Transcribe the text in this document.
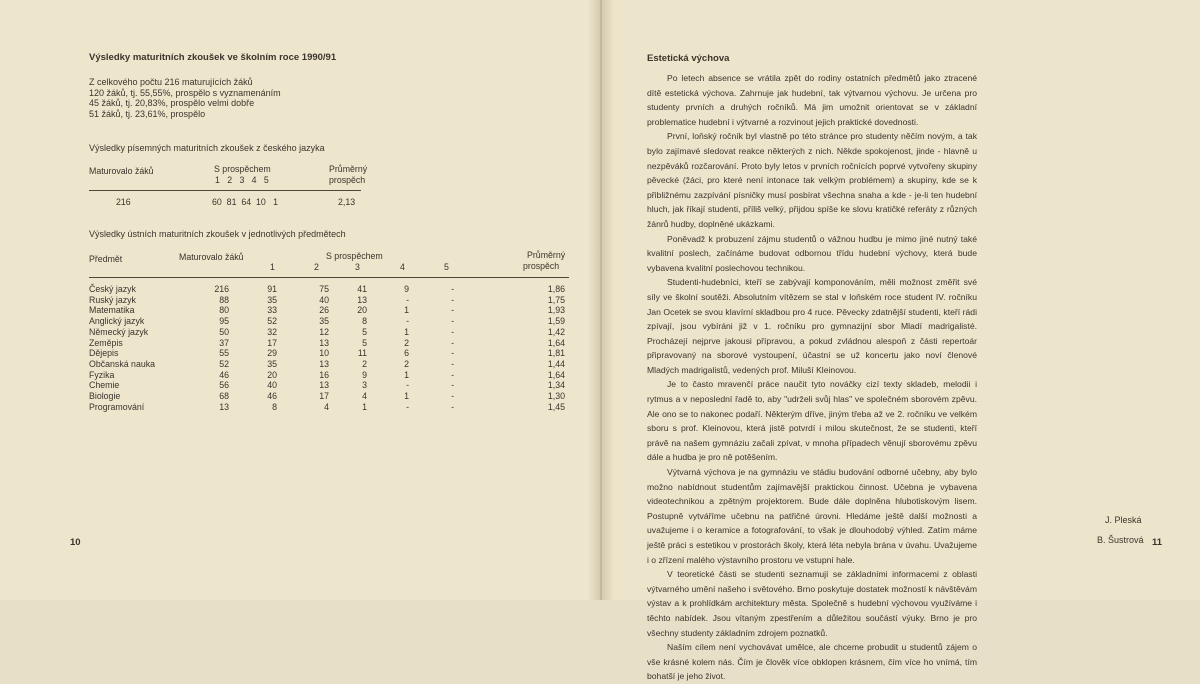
Výsledky maturitních zkoušek ve školním roce 1990/91
Z celkového počtu 216 maturujících žáků
120 žáků, tj. 55,55%, prospělo s vyznamenáním
45 žáků, tj. 20,83%, prospělo velmi dobře
51 žáků, tj. 23,61%, prospělo
Výsledky písemných maturitních zkoušek z českého jazyka
Maturovalo žáků	S prospěchem
1   2   3   4   5
Průměrný
prospěch
216	60  81  64  10   1	2,13
Výsledky ústních maturitních zkoušek v jednotlivých předmětech
Předmět	Maturovalo žáků	S prospěchem	Průměrný
prospěch
1	2	3	4	5
Český jazyk	216	91	75	41	9	-	1,86
Ruský jazyk	88	35	40	13	-	-	1,75
Matematika	80	33	26	20	1	-	1,93
Anglický jazyk	95	52	35	8	-	-	1,59
Německý jazyk	50	32	12	5	1	-	1,42
Zeměpis	37	17	13	5	2	-	1,64
Dějepis	55	29	10	11	6	-	1,81
Občanská nauka	52	35	13	2	2	-	1,44
Fyzika	46	20	16	9	1	-	1,64
Chemie	56	40	13	3	-	-	1,34
Biologie	68	46	17	4	1	-	1,30
Programování	13	8	4	1	-	-	1,45
10
Estetická výchova

Po letech absence se vrátila zpět do rodiny ostatních předmětů jako ztracené dítě estetická výchova. Zahrnuje jak hudební, tak výtvarnou výchovu. Je určena pro studenty prvních a druhých ročníků. Má jim umožnit orientovat se v základní problematice hudební i výtvarné a rozvinout jejich praktické dovednosti.

První, loňský ročník byl vlastně po této stránce pro studenty něčím novým, a tak bylo zajímavé sledovat reakce některých z nich. Někde spokojenost, jinde - hlavně u nezpěváků rozčarování. Proto byly letos v prvních ročnících poprvé vytvořeny skupiny pěvecké (žáci, pro které není intonace tak velkým problémem) a skupiny, kde se k přibližnému zazpívání písničky musí posbírat všechna snaha a kde - je-li ten hudební hluch, jak říkají studenti, příliš velký, přijdou spíše ke slovu kratičké referáty z různých žánrů hudby, doplněné ukázkami.

Poněvadž k probuzení zájmu studentů o vážnou hudbu je mimo jiné nutný také kvalitní poslech, začínáme budovat odbornou třídu hudební výchovy, která bude vybavena kvalitní poslechovou technikou.

Studenti-hudebníci, kteří se zabývají komponováním, měli možnost změřit své síly ve školní soutěži. Absolutním vítězem se stal v loňském roce student IV. ročníku Jan Ocetek se svou klavírní skladbou pro 4 ruce. Pěvecky zdatnější studenti, kteří rádi zpívají, jsou vybíráni již v 1. ročníku pro gymnazijní sbor Mladí madrigalisté. Procházejí nejprve jakousi přípravou, a pokud zvládnou alespoň z části repertoár připravovaný na sborové vystoupení, účastní se už koncertu jako noví členové Mladých madrigalistů, vedených prof. Miluší Kleinovou.

Je to často mravenčí práce naučit tyto nováčky cizí texty skladeb, melodii i rytmus a v neposlední řadě to, aby "udrželi svůj hlas" ve společném sborovém zpěvu. Ale ono se to nakonec podaří. Některým dříve, jiným třeba až ve 2. ročníku ve velkém sboru s prof. Kleinovou, která jistě potvrdí i milou skutečnost, že se studenti, kteří právě na našem gymnáziu začali zpívat, v mnoha případech věnují sborovému zpěvu dále a hudba je pro ně potěšením.

Výtvarná výchova je na gymnáziu ve stádiu budování odborné učebny, aby bylo možno nabídnout studentům zajímavější praktickou činnost. Učebna je vybavena videotechnikou a zpětným projektorem. Bude dále doplněna hlubotiskovým lisem. Postupně vytváříme učebnu na patřičné úrovni. Hledáme ještě další možnosti a uvažujeme i o keramice a fotografování, to však je dlouhodobý výhled. Zatím máme ještě práci s estetikou v prostorách školy, která léta nebyla brána v úvahu. Uvažujeme i o zřízení malého výstavního prostoru ve vstupní hale.

V teoretické části se studenti seznamují se základními informacemi z oblasti výtvarného umění našeho i světového. Brno poskytuje dostatek možností k návštěvám výstav a k prohlídkám architektury města. Společně s hudební výchovou využíváme i těchto nabídek. Jsou vítaným zpestřením a důležitou součástí výuky. Brno je pro všechny studenty základním zdrojem poznatků.

Naším cílem není vychovávat umělce, ale chceme probudit u studentů zájem o vše krásné kolem nás. Čím je člověk více obklopen krásnem, čím více ho vnímá, tím bohatší je jeho život.

J. Pleská
B. Šustrová 11
